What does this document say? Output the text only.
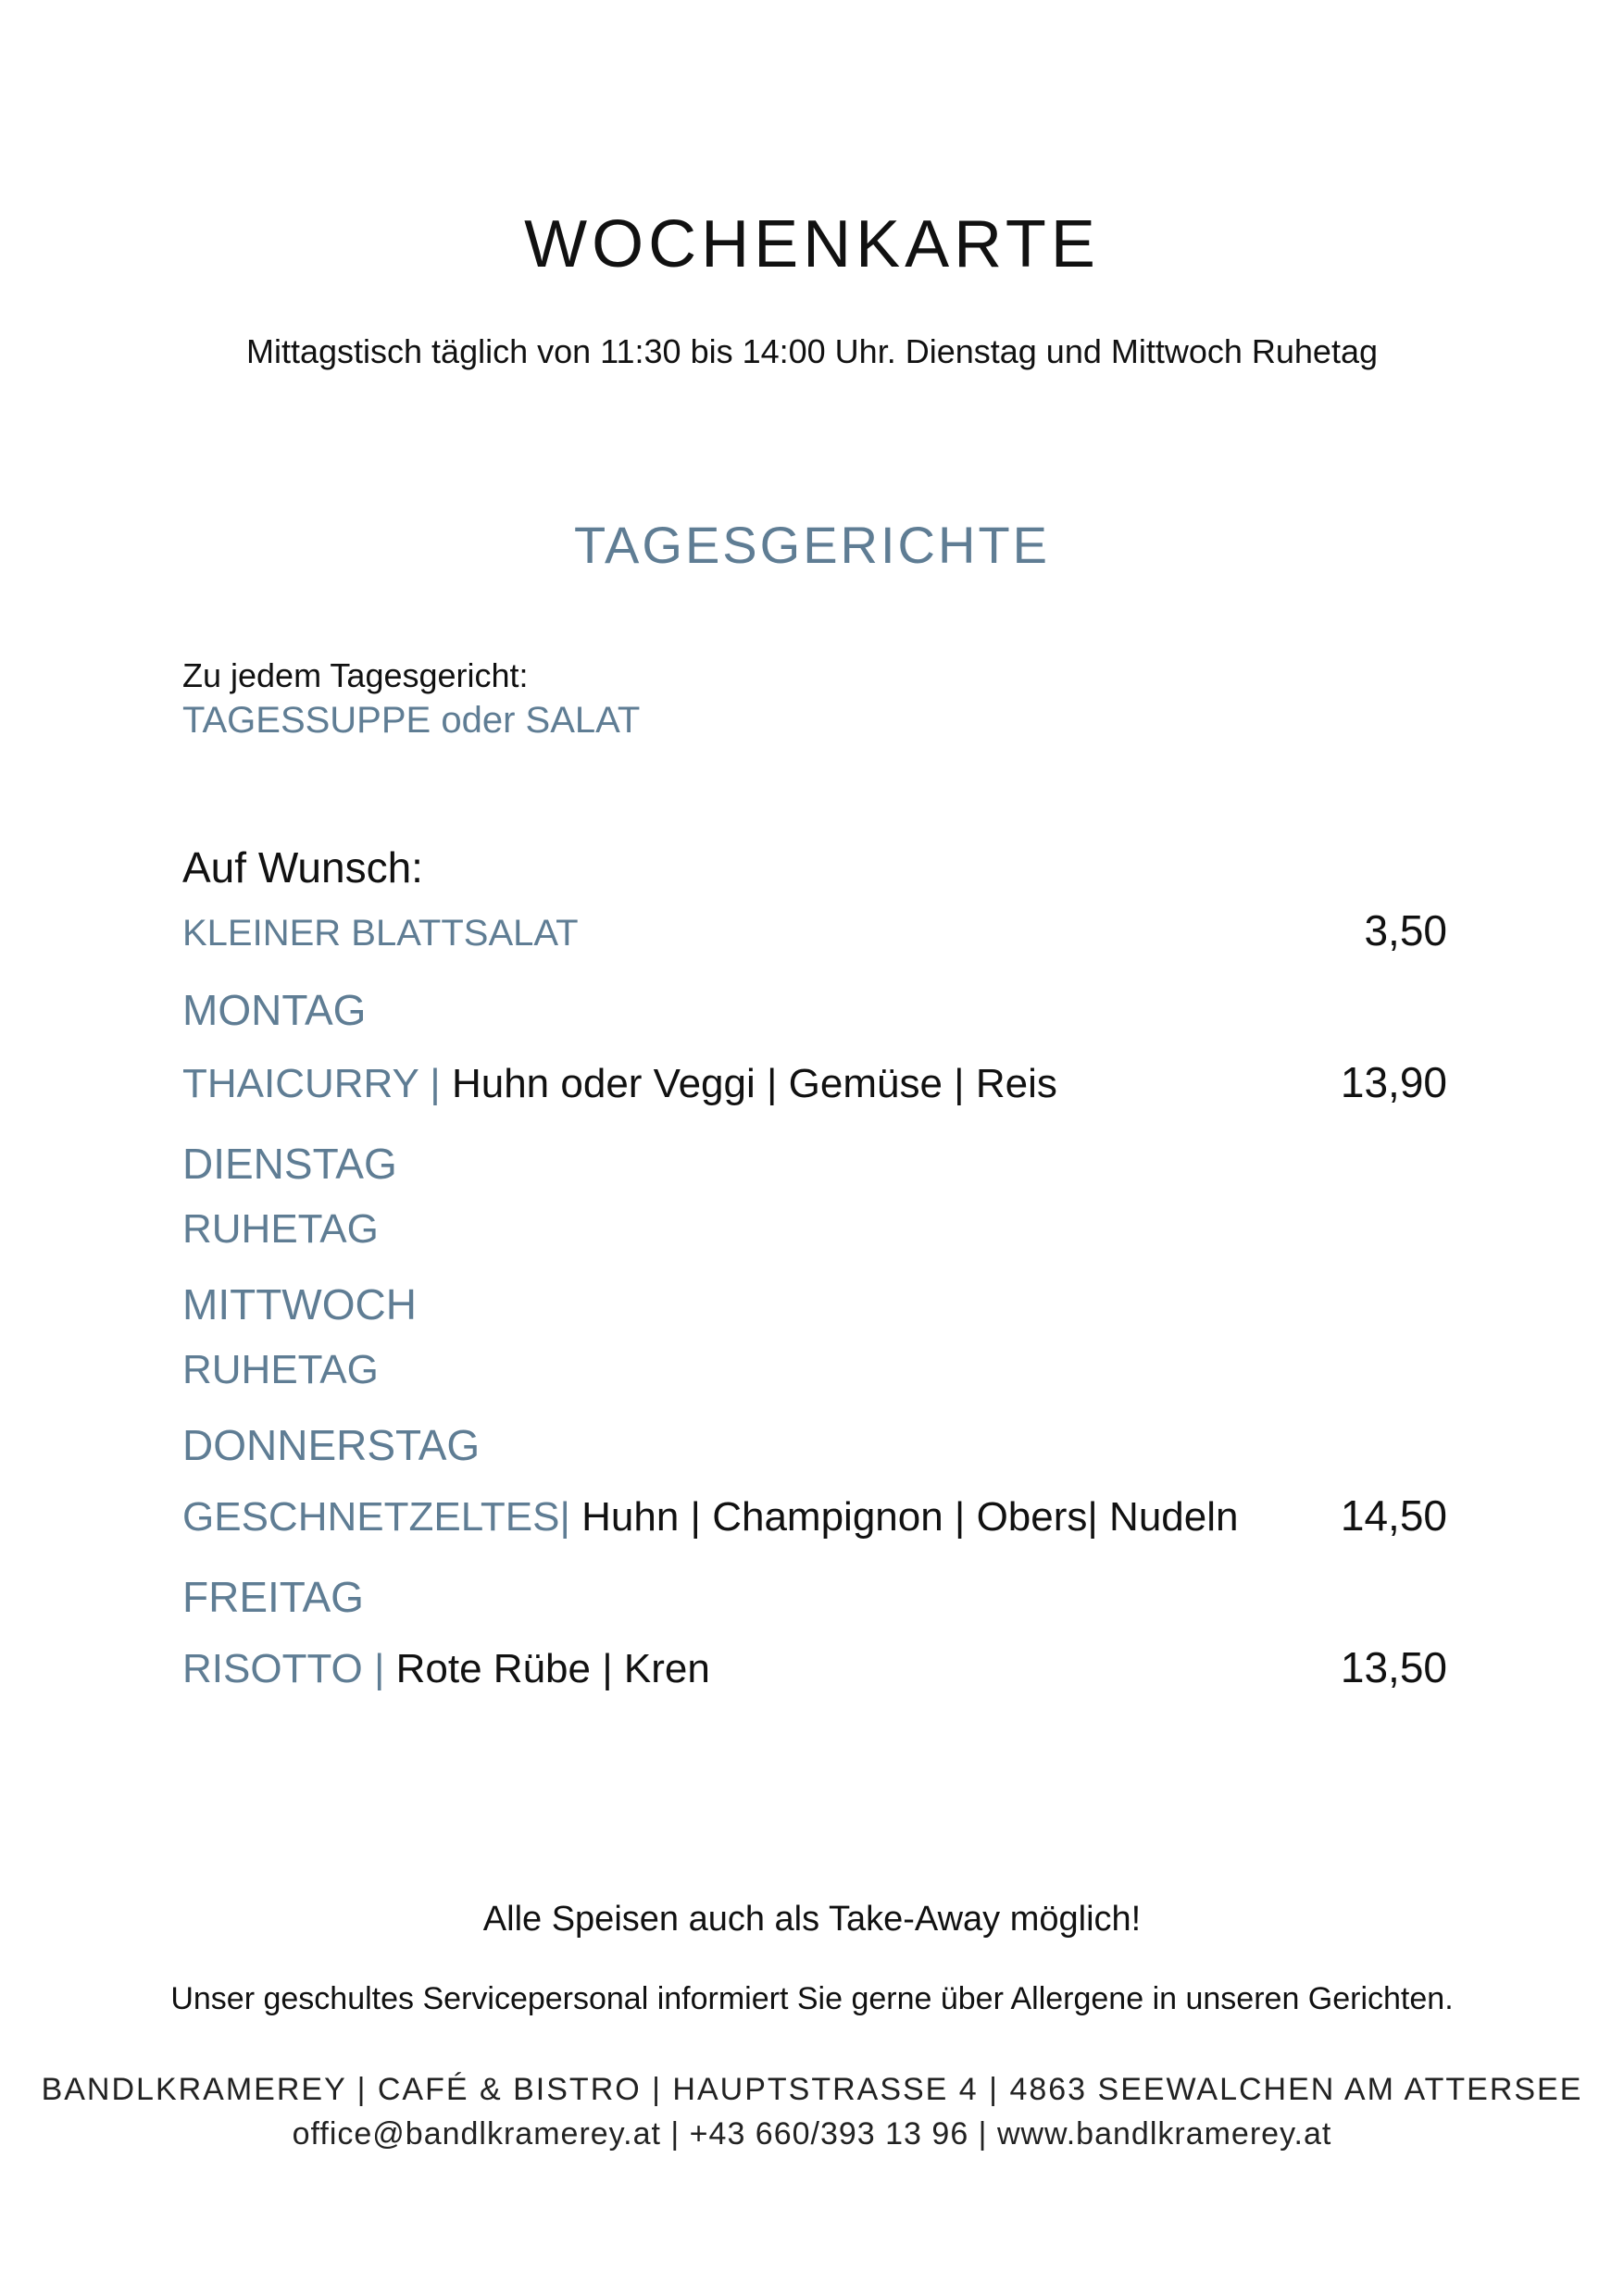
WOCHENKARTE
Mittagstisch täglich von 11:30 bis 14:00 Uhr. Dienstag und Mittwoch Ruhetag
TAGESGERICHTE
Zu jedem Tagesgericht:
TAGESSUPPE oder SALAT
Auf Wunsch:
KLEINER BLATTSALAT	3,50
MONTAG
THAICURRY | Huhn oder Veggi | Gemüse | Reis	13,90
DIENSTAG
RUHETAG
MITTWOCH
RUHETAG
DONNERSTAG
GESCHNETZELTES| Huhn | Champignon | Obers| Nudeln 14,50
FREITAG
RISOTTO | Rote Rübe | Kren	13,50
Alle Speisen auch als Take-Away möglich!
Unser geschultes Servicepersonal informiert Sie gerne über Allergene in unseren Gerichten.
BANDLKRAMEREY | CAFÉ & BISTRO | HAUPTSTRASSE 4 | 4863 SEEWALCHEN AM ATTERSEE
office@bandlkramerey.at | +43 660/393 13 96 | www.bandlkramerey.at
